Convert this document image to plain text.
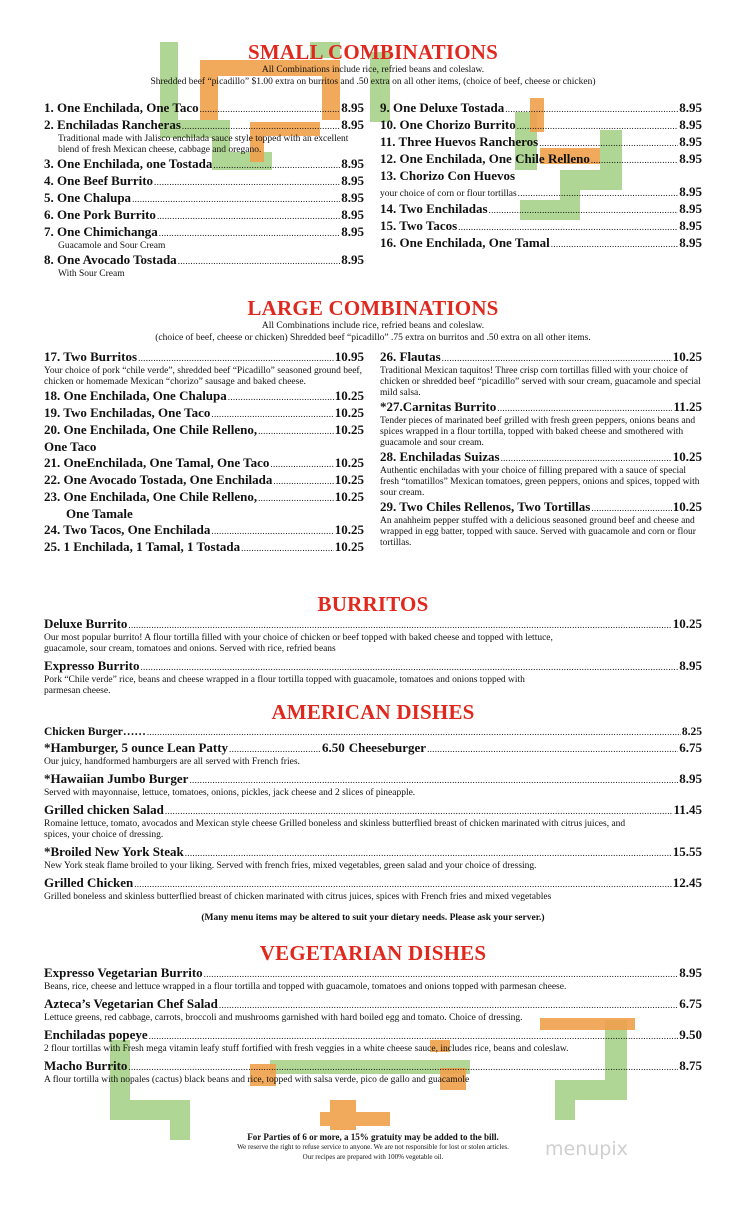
SMALL COMBINATIONS
All Combinations include rice, refried beans and coleslaw.
Shredded beef “picadillo” $1.00 extra on burritos and .50 extra on all other items, (choice of beef, cheese or chicken)
1. One Enchilada, One Taco .....	8.95
2. Enchiladas Rancheras .....	8.95
Traditional made with Jalisco enchilada sauce style topped with an excellent blend of fresh Mexican cheese, cabbage and oregano.
3. One Enchilada, one Tostada .....	8.95
4. One Beef Burrito .....	8.95
5. One Chalupa .....	8.95
6. One Pork Burrito .....	8.95
7. One Chimichanga .....	8.95
Guacamole and Sour Cream
8. One Avocado Tostada .....	8.95
With Sour Cream
9. One Deluxe Tostada .....	8.95
10. One Chorizo Burrito .....	8.95
11. Three Huevos Rancheros .....	8.95
12. One Enchilada, One Chile Relleno .....	8.95
13. Chorizo Con Huevos
your choice of corn or flour tortillas .....	8.95
14. Two Enchiladas .....	8.95
15. Two Tacos .....	8.95
16. One Enchilada, One Tamal .....	8.95
LARGE COMBINATIONS
All Combinations include rice, refried beans and coleslaw.
(choice of beef, cheese or chicken) Shredded beef “picadillo” .75 extra on burritos and .50 extra on all other items.
17. Two Burritos .....	10.95
Your choice of pork “chile verde”, shredded beef “Picadillo” seasoned ground beef, chicken or homemade Mexican “chorizo” sausage and baked cheese.
18. One Enchilada, One Chalupa .....	10.25
19. Two Enchiladas, One Taco .....	10.25
20. One Enchilada, One Chile Relleno, .....	10.25
One Taco
21. OneEnchilada, One Tamal, One Taco .....	10.25
22. One Avocado Tostada, One Enchilada .....	10.25
23. One Enchilada, One Chile Relleno, .....	10.25
One Tamale
24. Two Tacos, One Enchilada .....	10.25
25. 1 Enchilada, 1 Tamal, 1 Tostada .....	10.25
26. Flautas .....	10.25
Traditional Mexican taquitos! Three crisp corn tortillas filled with your choice of chicken or shredded beef “picadillo” served with sour cream, guacamole and special mild salsa.
*27.Carnitas Burrito .....	11.25
Tender pieces of marinated beef grilled with fresh green peppers, onions beans and spices wrapped in a flour tortilla, topped with baked cheese and smothered with guacamole and sour cream.
28. Enchiladas Suizas .....	10.25
Authentic enchiladas with your choice of filling prepared with a sauce of special fresh “tomatillos” Mexican tomatoes, green peppers, onions and spices, topped with sour cream.
29. Two Chiles Rellenos, Two Tortillas .....	10.25
An anahheim pepper stuffed with a delicious seasoned ground beef and cheese and wrapped in egg batter, topped with sauce. Served with guacamole and corn or flour tortillas.
BURRITOS
Deluxe Burrito .....	10.25
Our most popular burrito! A flour tortilla filled with your choice of chicken or beef topped with baked cheese and topped with lettuce, guacamole, sour cream, tomatoes and onions. Served with rice, refried beans
Expresso Burrito .....	8.95
Pork “Chile verde” rice, beans and cheese wrapped in a flour tortilla topped with guacamole, tomatoes and onions topped with parmesan cheese.
AMERICAN DISHES
Chicken Burger…… .....	8.25
*Hamburger, 5 ounce Lean Patty .....	6.50 Cheeseburger .....	6.75
Our juicy, handformed hamburgers are all served with French fries.
*Hawaiian Jumbo Burger .....	8.95
Served with mayonnaise, lettuce, tomatoes, onions, pickles, jack cheese and 2 slices of pineapple.
Grilled chicken Salad .....	11.45
Romaine lettuce, tomato, avocados and Mexican style cheese Grilled boneless and skinless butterflied breast of chicken marinated with citrus juices, and spices, your choice of dressing.
*Broiled New York Steak .....	15.55
New York steak flame broiled to your liking. Served with french fries, mixed vegetables, green salad and your choice of dressing.
Grilled Chicken .....	12.45
Grilled boneless and skinless butterflied breast of chicken marinated with citrus juices, spices with French fries and mixed vegetables
(Many menu items may be altered to suit your dietary needs. Please ask your server.)
VEGETARIAN DISHES
Expresso Vegetarian Burrito .....	8.95
Beans, rice, cheese and lettuce wrapped in a flour tortilla and topped with guacamole, tomatoes and onions topped with parmesan cheese.
Azteca’s Vegetarian Chef Salad .....	6.75
Lettuce greens, red cabbage, carrots, broccoli and mushrooms garnished with hard boiled egg and tomato. Choice of dressing.
Enchiladas popeye .....	9.50
2 flour tortillas with Fresh mega vitamin leafy stuff fortified with fresh veggies in a white cheese sauce, includes rice, beans and coleslaw.
Macho Burrito .....	8.75
A flour tortilla with nopales (cactus) black beans and rice, topped with salsa verde, pico de gallo and guacamole
For Parties of 6 or more, a 15% gratuity may be added to the bill.
We reserve the right to refuse service to anyone. We are not responsible for lost or stolen articles.
Our recipes are prepared with 100% vegetable oil.	menupix
